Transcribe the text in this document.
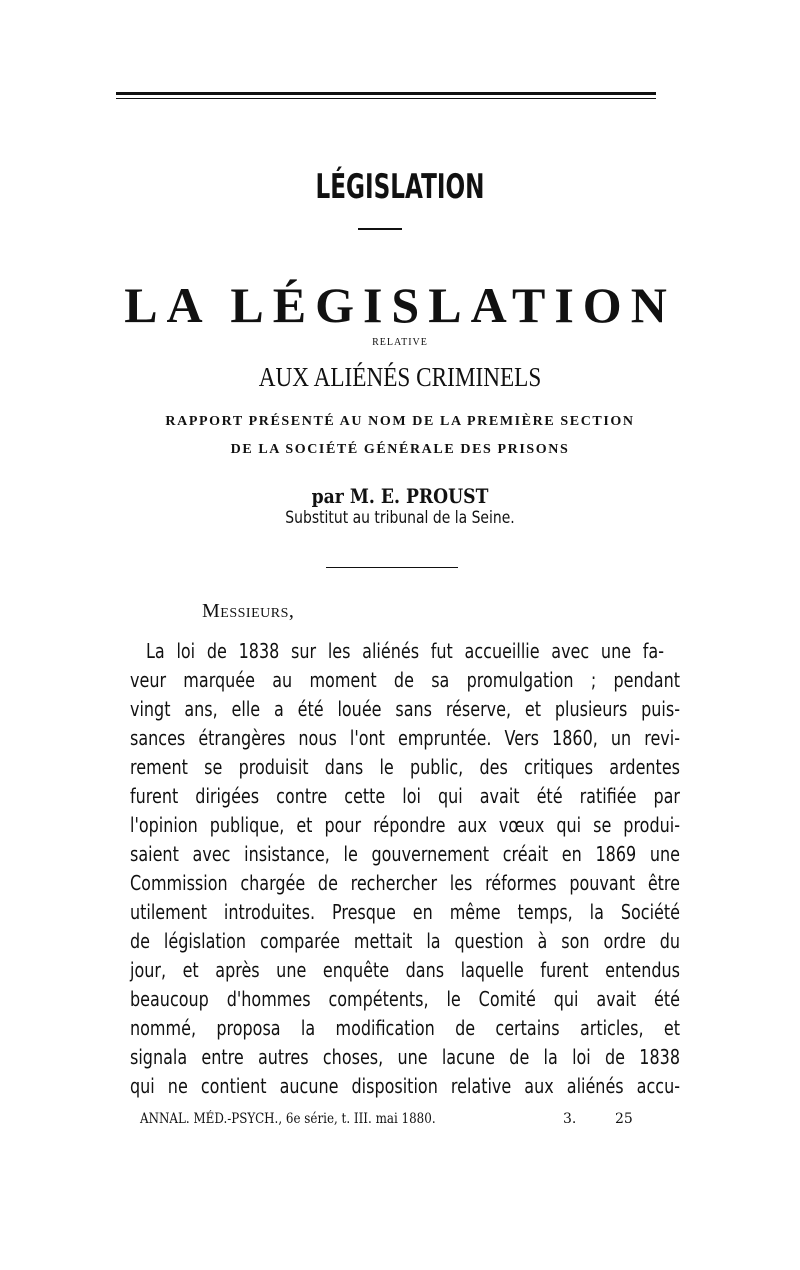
LÉGISLATION
LA LÉGISLATION
RELATIVE
AUX ALIÉNÉS CRIMINELS
RAPPORT PRÉSENTÉ AU NOM DE LA PREMIÈRE SECTION
DE LA SOCIÉTÉ GÉNÉRALE DES PRISONS
par M. E. PROUST
Substitut au tribunal de la Seine.
Messieurs,
La loi de 1838 sur les aliénés fut accueillie avec une fa-
veur marquée au moment de sa promulgation ; pendant
vingt ans, elle a été louée sans réserve, et plusieurs puis-
sances étrangères nous l'ont empruntée. Vers 1860, un revi-
rement se produisit dans le public, des critiques ardentes
furent dirigées contre cette loi qui avait été ratifiée par
l'opinion publique, et pour répondre aux vœux qui se produi-
saient avec insistance, le gouvernement créait en 1869 une
Commission chargée de rechercher les réformes pouvant être
utilement introduites. Presque en même temps, la Société
de législation comparée mettait la question à son ordre du
jour, et après une enquête dans laquelle furent entendus
beaucoup d'hommes compétents, le Comité qui avait été
nommé, proposa la modification de certains articles, et
signala entre autres choses, une lacune de la loi de 1838
qui ne contient aucune disposition relative aux aliénés accu-
ANNAL. MÉD.-PSYCH., 6e série, t. III. mai 1880.	3.	25
